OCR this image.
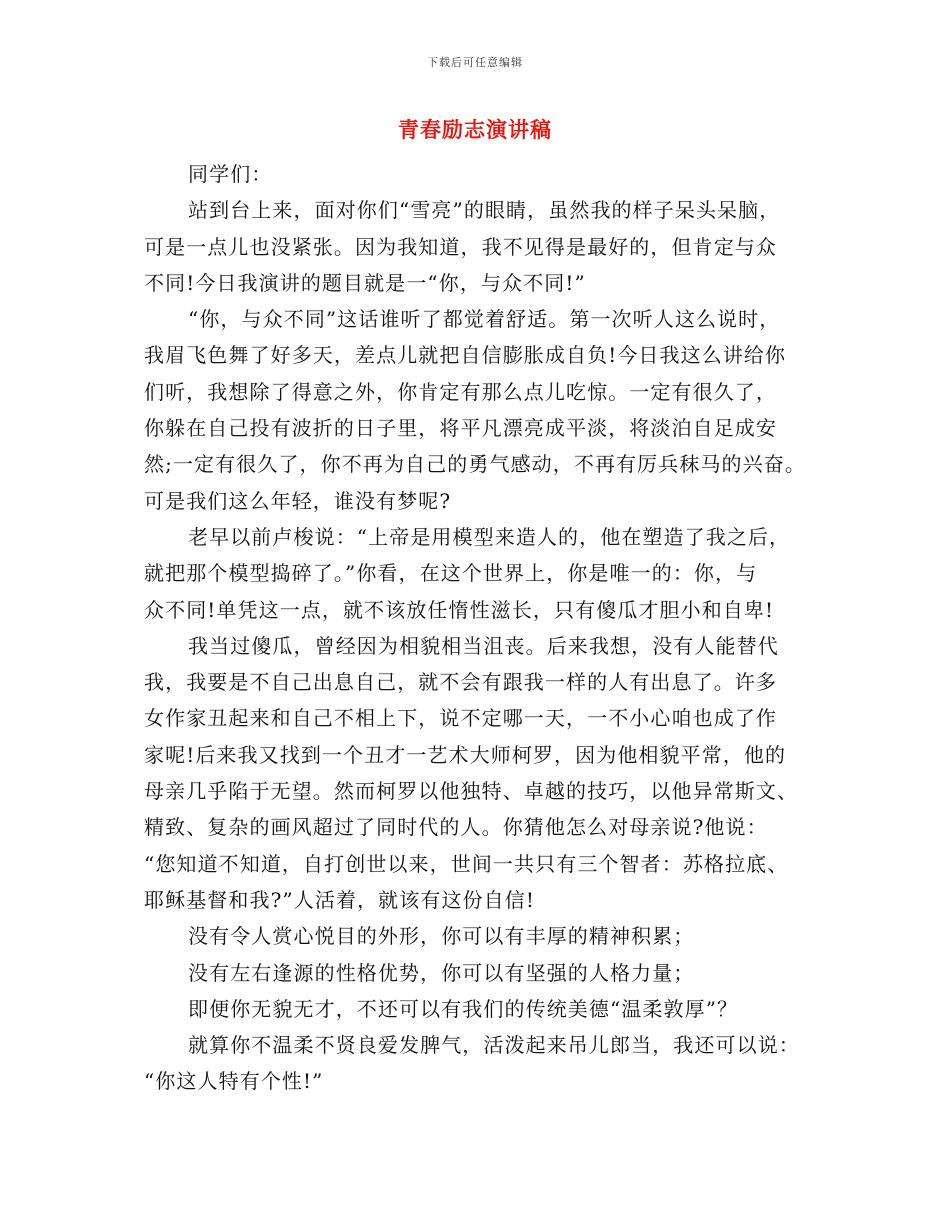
下载后可任意编辑
青春励志演讲稿
同学们：
站到台上来，面对你们“雪亮”的眼睛，虽然我的样子呆头呆脑，
可是一点儿也没紧张。因为我知道，我不见得是最好的，但肯定与众
不同!今日我演讲的题目就是一“你，与众不同!”
“你，与众不同”这话谁听了都觉着舒适。第一次听人这么说时，
我眉飞色舞了好多天，差点儿就把自信膨胀成自负!今日我这么讲给你
们听，我想除了得意之外，你肯定有那么点儿吃惊。一定有很久了，
你躲在自己投有波折的日子里，将平凡漂亮成平淡，将淡泊自足成安
然;一定有很久了，你不再为自己的勇气感动，不再有厉兵秣马的兴奋。
可是我们这么年轻，谁没有梦呢?
老早以前卢梭说：“上帝是用模型来造人的，他在塑造了我之后，
就把那个模型捣碎了。”你看，在这个世界上，你是唯一的：你，与
众不同!单凭这一点，就不该放任惰性滋长，只有傻瓜才胆小和自卑!
我当过傻瓜，曾经因为相貌相当沮丧。后来我想，没有人能替代
我，我要是不自己出息自己，就不会有跟我一样的人有出息了。许多
女作家丑起来和自己不相上下，说不定哪一天，一不小心咱也成了作
家呢!后来我又找到一个丑才一艺术大师柯罗，因为他相貌平常，他的
母亲几乎陷于无望。然而柯罗以他独特、卓越的技巧，以他异常斯文、
精致、复杂的画风超过了同时代的人。你猜他怎么对母亲说?他说：
“您知道不知道，自打创世以来，世间一共只有三个智者：苏格拉底、
耶稣基督和我?”人活着，就该有这份自信!
没有令人赏心悦目的外形，你可以有丰厚的精神积累；
没有左右逢源的性格优势，你可以有坚强的人格力量；
即便你无貌无才，不还可以有我们的传统美德“温柔敦厚”？
就算你不温柔不贤良爱发脾气，活泼起来吊儿郎当，我还可以说：
“你这人特有个性!”
